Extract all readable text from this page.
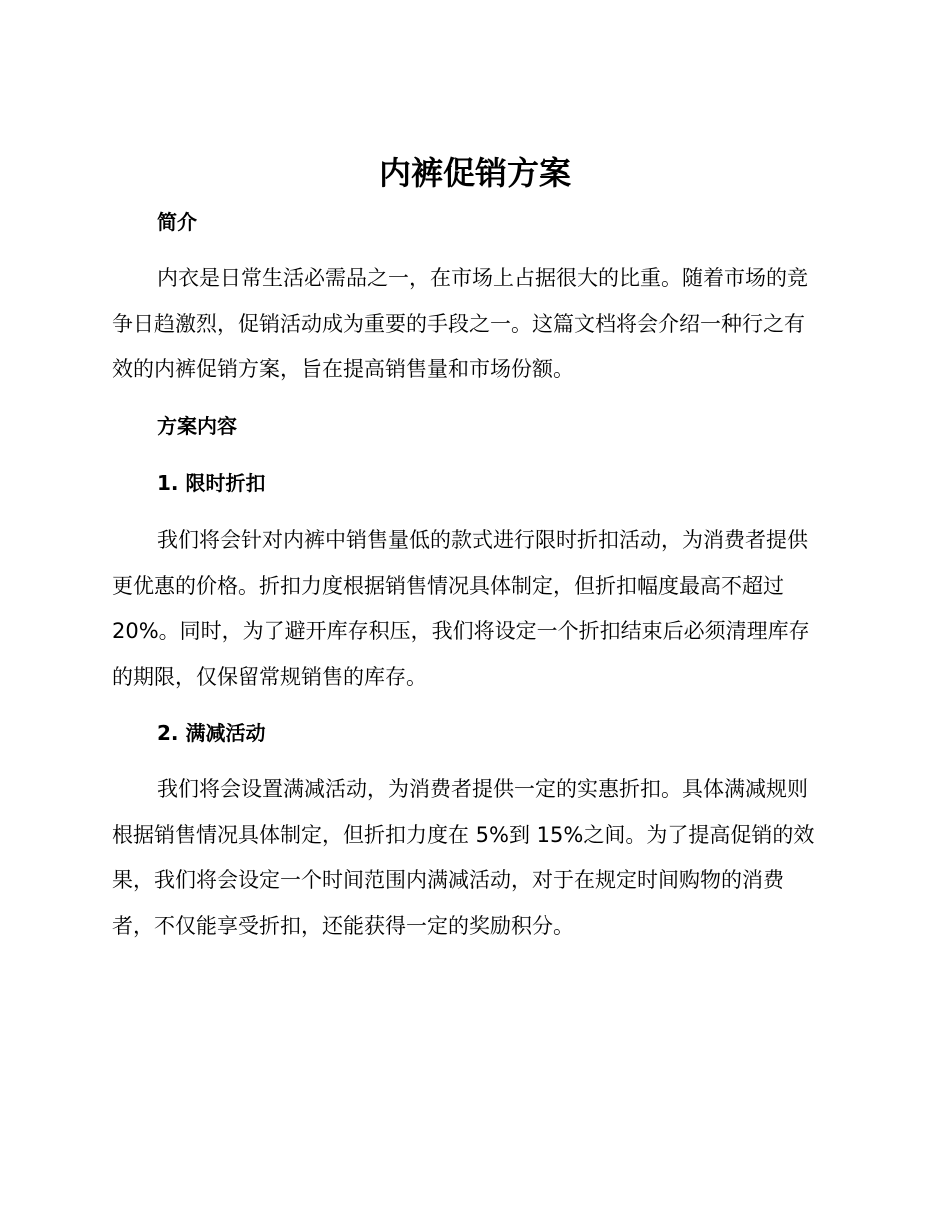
内裤促销方案
简介
内衣是日常生活必需品之一，在市场上占据很大的比重。随着市场的竞
争日趋激烈，促销活动成为重要的手段之一。这篇文档将会介绍一种行之有
效的内裤促销方案，旨在提高销售量和市场份额。
方案内容
1. 限时折扣
我们将会针对内裤中销售量低的款式进行限时折扣活动，为消费者提供
更优惠的价格。折扣力度根据销售情况具体制定，但折扣幅度最高不超过
20%。同时，为了避开库存积压，我们将设定一个折扣结束后必须清理库存
的期限，仅保留常规销售的库存。
2. 满减活动
我们将会设置满减活动，为消费者提供一定的实惠折扣。具体满减规则
根据销售情况具体制定，但折扣力度在 5%到 15%之间。为了提高促销的效
果，我们将会设定一个时间范围内满减活动，对于在规定时间购物的消费
者，不仅能享受折扣，还能获得一定的奖励积分。
